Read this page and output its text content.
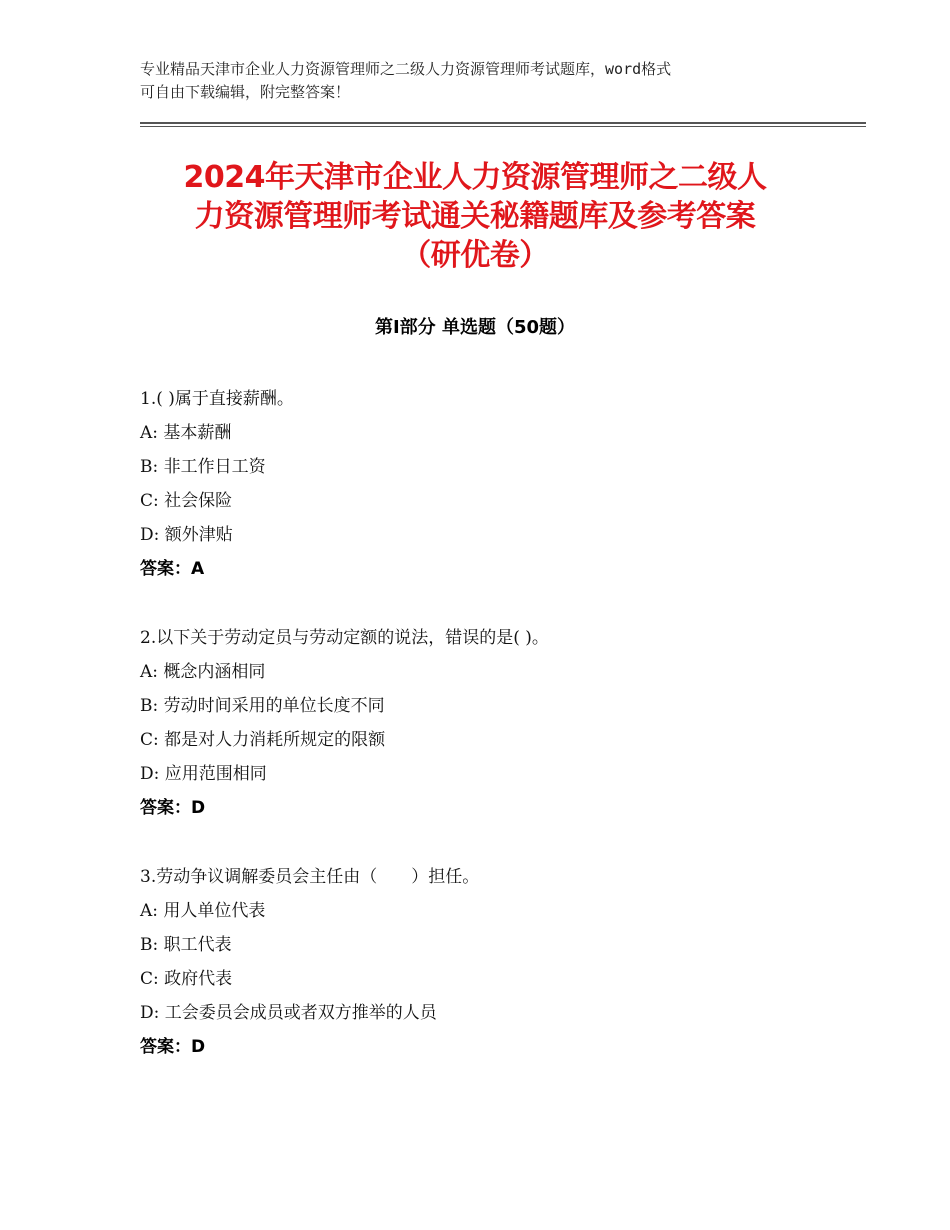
专业精品天津市企业人力资源管理师之二级人力资源管理师考试题库，word格式
可自由下载编辑，附完整答案！
2024年天津市企业人力资源管理师之二级人
力资源管理师考试通关秘籍题库及参考答案
（研优卷）
第Ⅰ部分 单选题（50题）
1.( )属于直接薪酬。
A: 基本薪酬
B: 非工作日工资
C: 社会保险
D: 额外津贴
答案：A
2.以下关于劳动定员与劳动定额的说法，错误的是( )。
A: 概念内涵相同
B: 劳动时间采用的单位长度不同
C: 都是对人力消耗所规定的限额
D: 应用范围相同
答案：D
3.劳动争议调解委员会主任由（　　）担任。
A: 用人单位代表
B: 职工代表
C: 政府代表
D: 工会委员会成员或者双方推举的人员
答案：D
